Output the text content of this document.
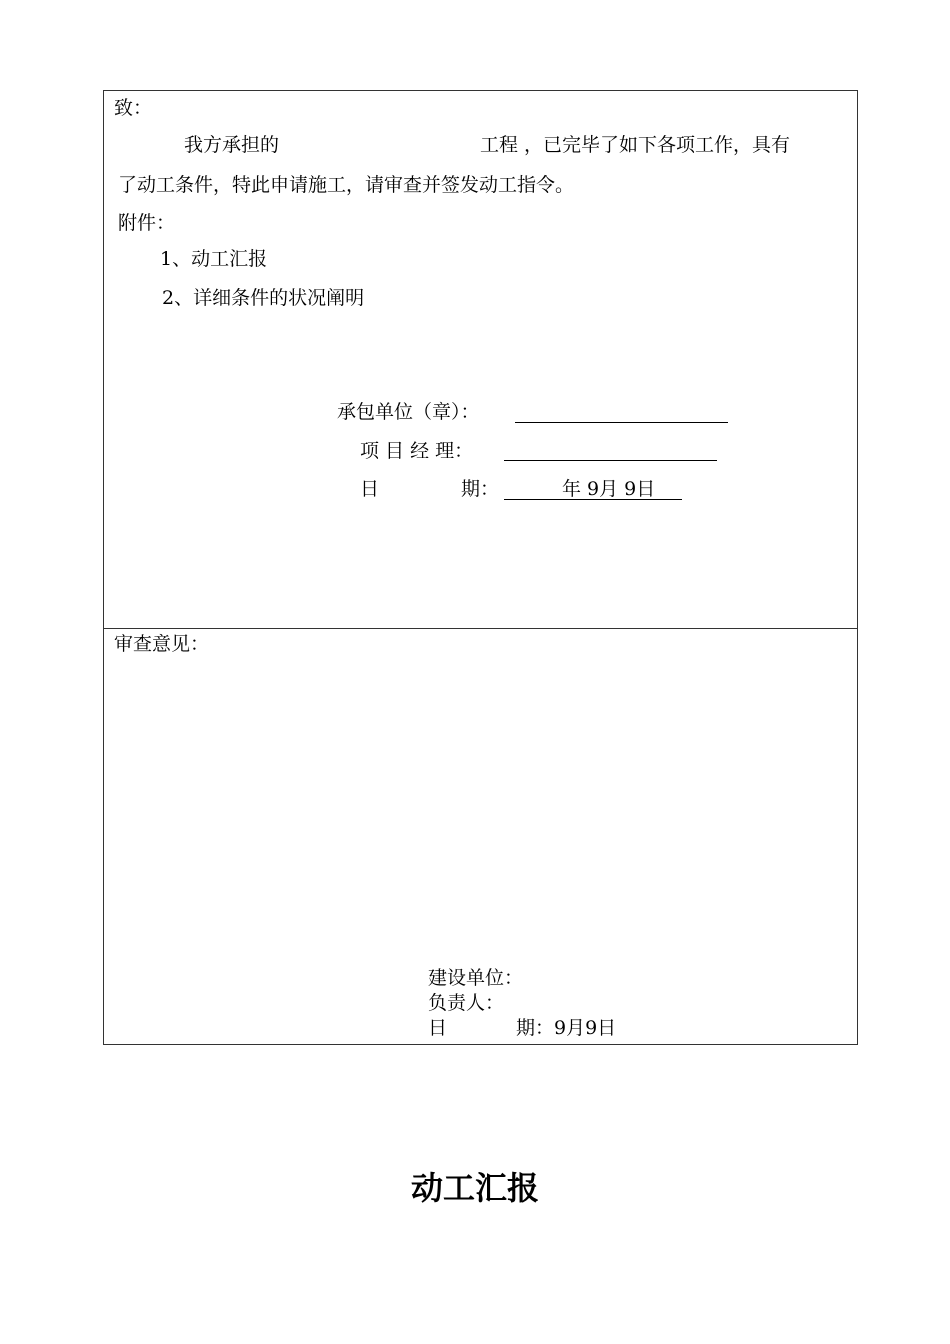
致：
我方承担的	工程 ，已完毕了如下各项工作，具有
了动工条件，特此申请施工，请审查并签发动工指令。
附件：
1、动工汇报
2、详细条件的状况阐明
承包单位（章）：
项 目 经 理：
日	期：	年 9月 9日
审查意见：
建设单位：
负责人：
日	期：9月9日
动工汇报
